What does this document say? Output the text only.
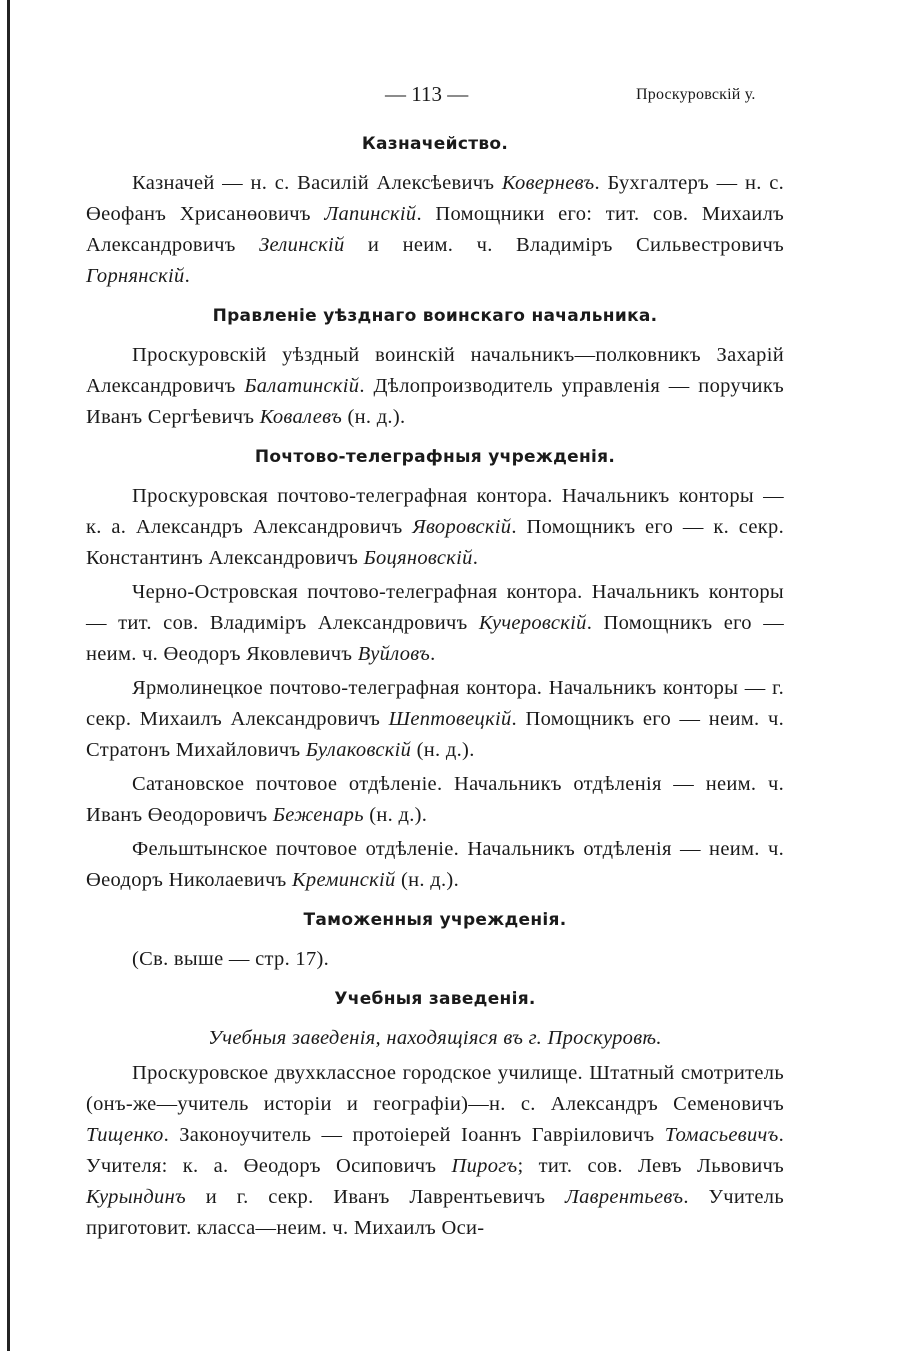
— 113 —	Проскуровскій у.
Казначейство.

Казначей — н. с. Василій Алексѣевичъ Коверневъ. Бухгалтеръ — н. с. Өеофанъ Хрисанөовичъ Лапинскій. Помощники его: тит. сов. Михаилъ Александровичъ Зелинскій и неим. ч. Владиміръ Сильвестровичъ Горнянскій.

Правленіе уѣзднаго воинскаго начальника.

Проскуровскій уѣздный воинскій начальникъ—полковникъ Захарій Александровичъ Балатинскій. Дѣлопроизводитель управленія — поручикъ Иванъ Сергѣевичъ Ковалевъ (н. д.).

Почтово-телеграфныя учрежденія.

Проскуровская почтово-телеграфная контора. Начальникъ конторы — к. а. Александръ Александровичъ Яворовскій. Помощникъ его — к. секр. Константинъ Александровичъ Боцяновскій.

Черно-Островская почтово-телеграфная контора. Начальникъ конторы — тит. сов. Владиміръ Александровичъ Кучеровскій. Помощникъ его — неим. ч. Өеодоръ Яковлевичъ Вуйловъ.

Ярмолинецкое почтово-телеграфная контора. Начальникъ конторы — г. секр. Михаилъ Александровичъ Шептовецкій. Помощникъ его — неим. ч. Стратонъ Михайловичъ Булаковскій (н. д.).

Сатановское почтовое отдѣленіе. Начальникъ отдѣленія — неим. ч. Иванъ Өеодоровичъ Беженарь (н. д.).

Фельштынское почтовое отдѣленіе. Начальникъ отдѣленія — неим. ч. Өеодоръ Николаевичъ Креминскій (н. д.).

Таможенныя учрежденія.

(Св. выше — стр. 17).

Учебныя заведенія.

Учебныя заведенія, находящіяся въ г. Проскуровѣ.

Проскуровское двухклассное городское училище. Штатный смотритель (онъ-же—учитель исторіи и географіи)—н. с. Александръ Семеновичъ Тищенко. Законоучитель — протоіерей Іоаннъ Гавріиловичъ Томасьевичъ. Учителя: к. а. Өеодоръ Осиповичъ Пирогъ; тит. сов. Левъ Львовичъ Курындинъ и г. секр. Иванъ Лаврентьевичъ Лаврентьевъ. Учитель приготовит. класса—неим. ч. Михаилъ Оси-
